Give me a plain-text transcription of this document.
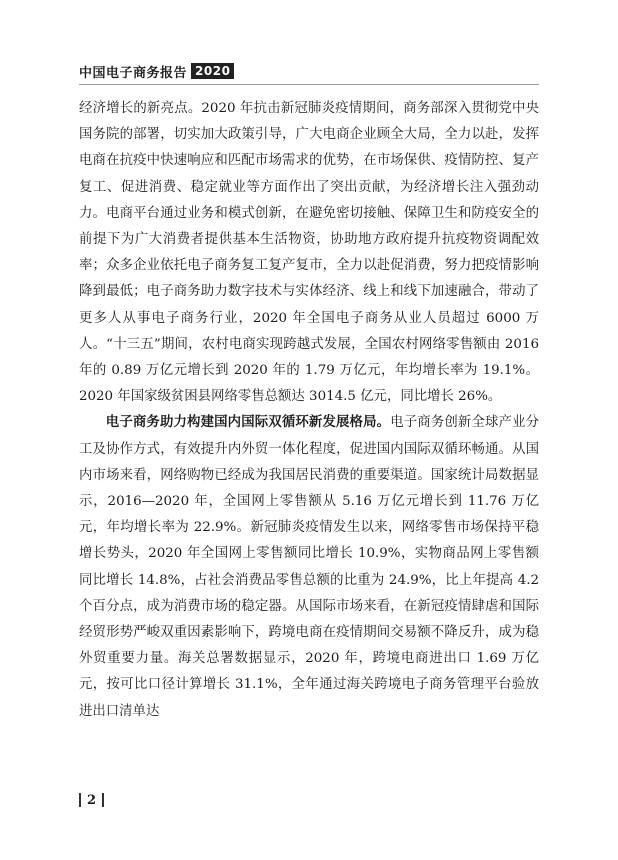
中国电子商务报告 2020

经济增长的新亮点。2020 年抗击新冠肺炎疫情期间，商务部深入贯彻党中央国务院的部署，切实加大政策引导，广大电商企业顾全大局，全力以赴，发挥电商在抗疫中快速响应和匹配市场需求的优势，在市场保供、疫情防控、复产复工、促进消费、稳定就业等方面作出了突出贡献，为经济增长注入强劲动力。电商平台通过业务和模式创新，在避免密切接触、保障卫生和防疫安全的前提下为广大消费者提供基本生活物资，协助地方政府提升抗疫物资调配效率；众多企业依托电子商务复工复产复市，全力以赴促消费，努力把疫情影响降到最低；电子商务助力数字技术与实体经济、线上和线下加速融合，带动了更多人从事电子商务行业，2020 年全国电子商务从业人员超过 6000 万人。“十三五”期间，农村电商实现跨越式发展，全国农村网络零售额由 2016 年的 0.89 万亿元增长到 2020 年的 1.79 万亿元，年均增长率为 19.1%。2020 年国家级贫困县网络零售总额达 3014.5 亿元，同比增长 26%。

电子商务助力构建国内国际双循环新发展格局。电子商务创新全球产业分工及协作方式，有效提升内外贸一体化程度，促进国内国际双循环畅通。从国内市场来看，网络购物已经成为我国居民消费的重要渠道。国家统计局数据显示，2016—2020 年，全国网上零售额从 5.16 万亿元增长到 11.76 万亿元，年均增长率为 22.9%。新冠肺炎疫情发生以来，网络零售市场保持平稳增长势头，2020 年全国网上零售额同比增长 10.9%，实物商品网上零售额同比增长 14.8%，占社会消费品零售总额的比重为 24.9%，比上年提高 4.2 个百分点，成为消费市场的稳定器。从国际市场来看，在新冠疫情肆虐和国际经贸形势严峻双重因素影响下，跨境电商在疫情期间交易额不降反升，成为稳外贸重要力量。海关总署数据显示，2020 年，跨境电商进出口 1.69 万亿元，按可比口径计算增长 31.1%，全年通过海关跨境电子商务管理平台验放进出口清单达

2
